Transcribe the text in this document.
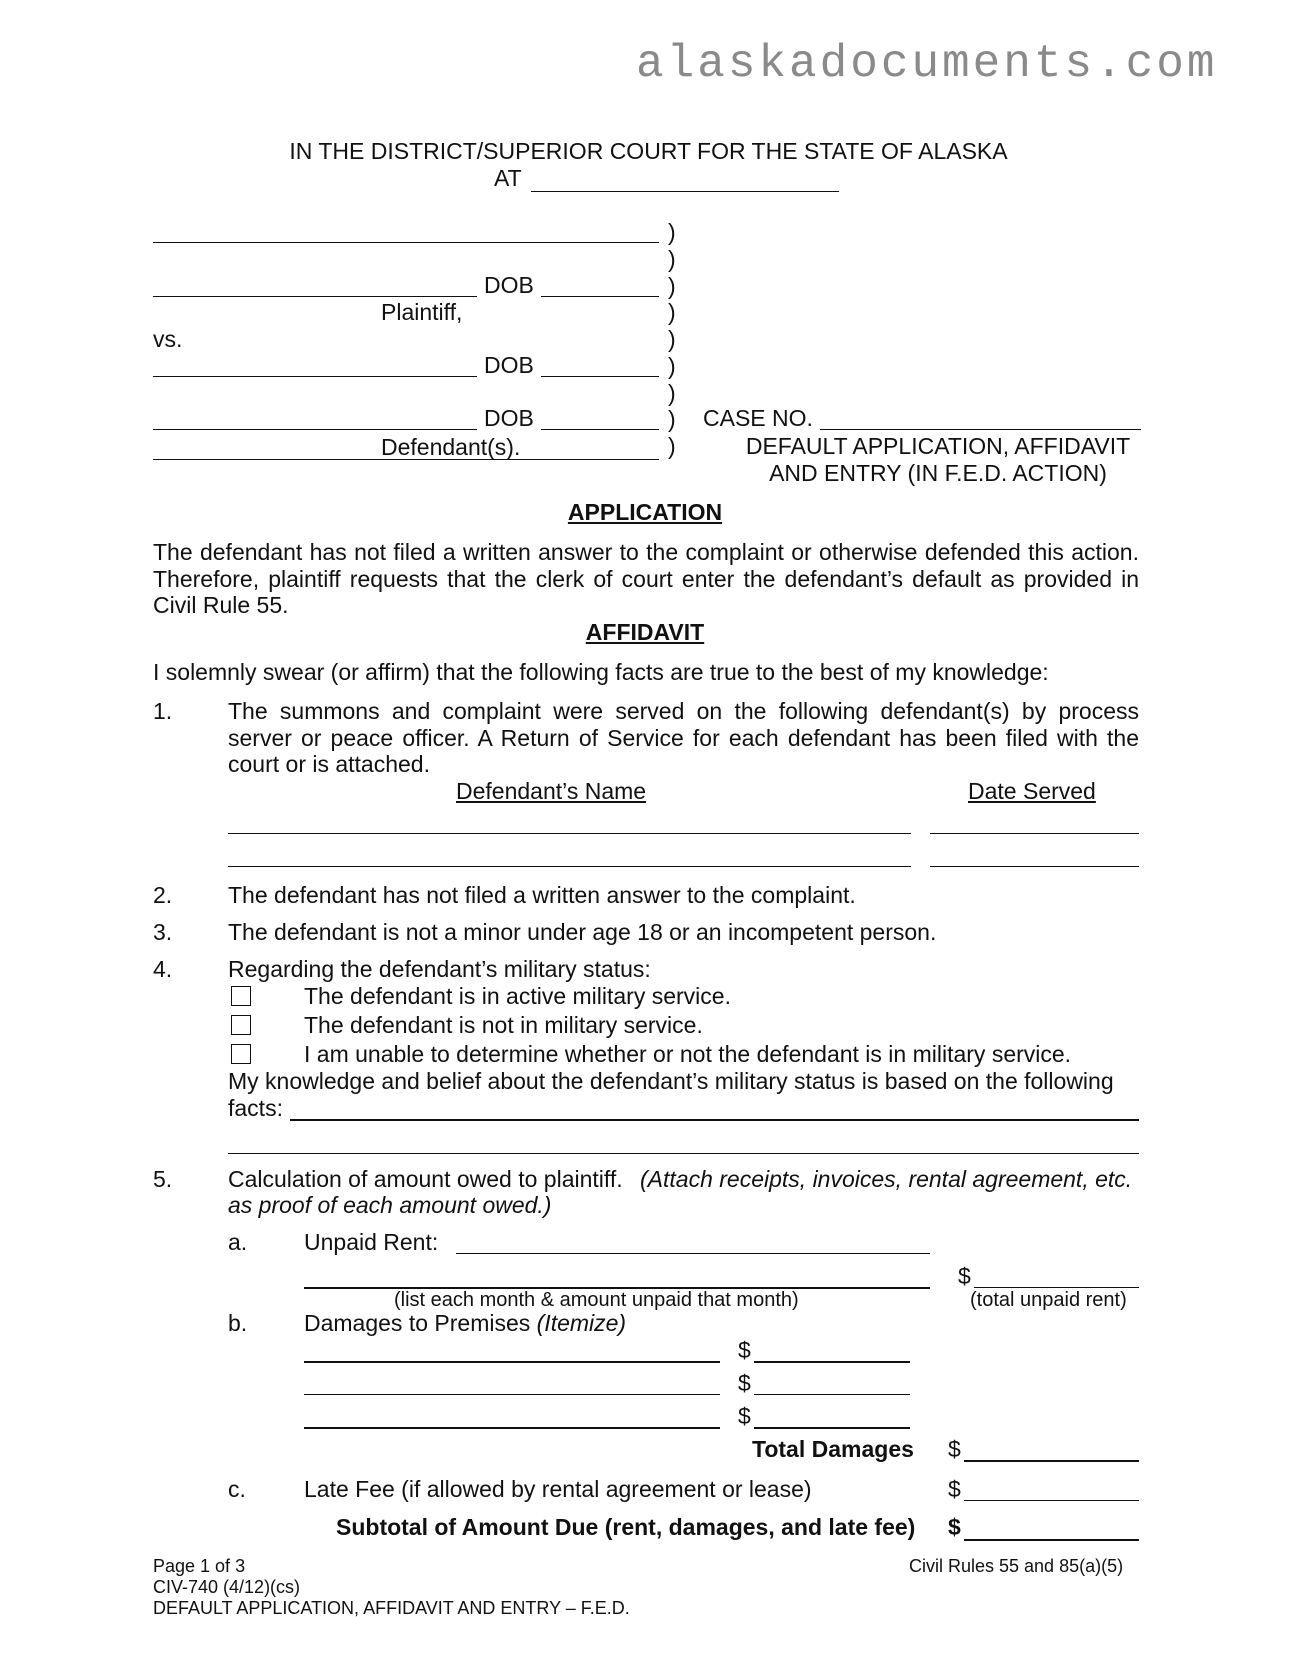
alaskadocuments.com
IN THE DISTRICT/SUPERIOR COURT FOR THE STATE OF ALASKA
AT
)
)
)
)
)
)
)
)
)
DOB
Plaintiff,
vs.
DOB
DOB
Defendant(s).
CASE NO.
DEFAULT APPLICATION, AFFIDAVIT
AND ENTRY (IN F.E.D. ACTION)
APPLICATION
The defendant has not filed a written answer to the complaint or otherwise defended this action.
Therefore, plaintiff requests that the clerk of court enter the defendant’s default as provided in
Civil Rule 55.
AFFIDAVIT
I solemnly swear (or affirm) that the following facts are true to the best of my knowledge:
1. The summons and complaint were served on the following defendant(s) by process
server or peace officer. A Return of Service for each defendant has been filed with the
court or is attached.
Defendant’s Name	Date Served
2. The defendant has not filed a written answer to the complaint.
3. The defendant is not a minor under age 18 or an incompetent person.
4. Regarding the defendant’s military status:
The defendant is in active military service.
The defendant is not in military service.
I am unable to determine whether or not the defendant is in military service.
My knowledge and belief about the defendant’s military status is based on the following
facts:
5. Calculation of amount owed to plaintiff. (Attach receipts, invoices, rental agreement, etc.
as proof of each amount owed.)
a. Unpaid Rent:
$
(list each month & amount unpaid that month)	(total unpaid rent)
b. Damages to Premises (Itemize)
$
$
$
Total Damages $
c.	Late Fee (if allowed by rental agreement or lease)	$
Subtotal of Amount Due (rent, damages, and late fee) $
Page 1 of 3
CIV-740 (4/12)(cs)
DEFAULT APPLICATION, AFFIDAVIT AND ENTRY – F.E.D.
Civil Rules 55 and 85(a)(5)
